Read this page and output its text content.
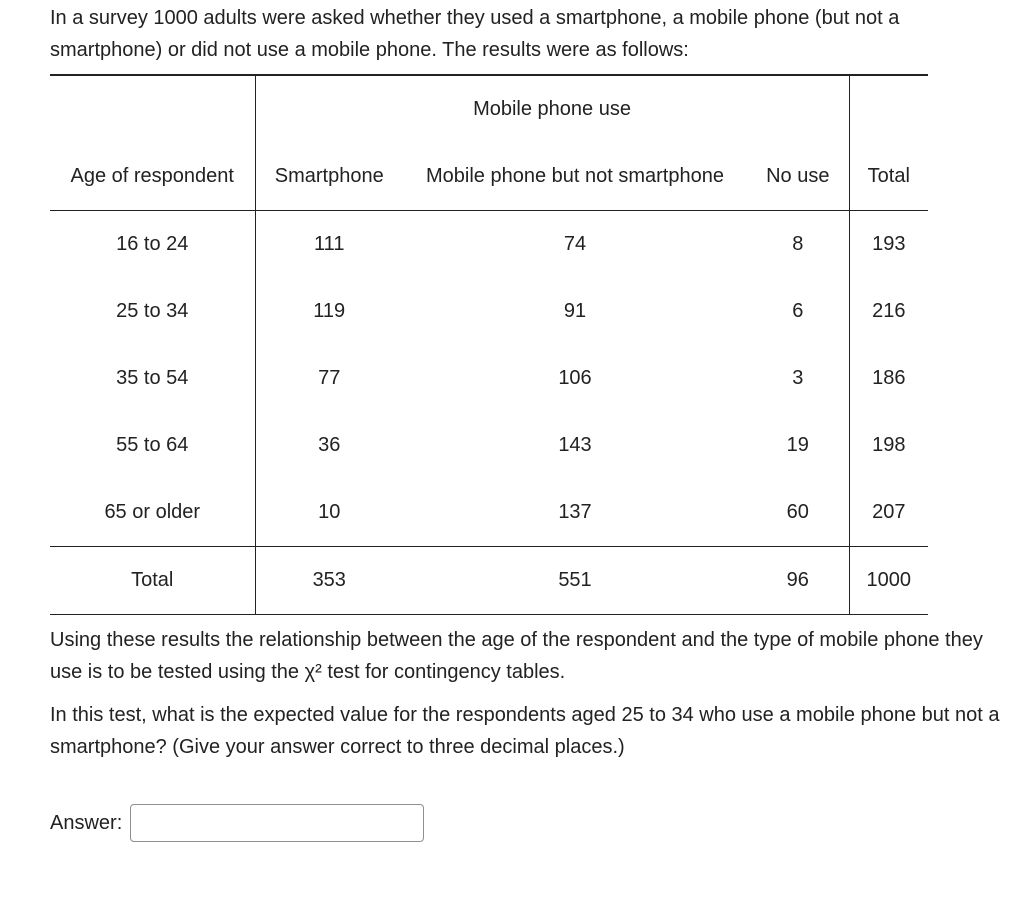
In a survey 1000 adults were asked whether they used a smartphone, a mobile phone (but not a smartphone) or did not use a mobile phone. The results were as follows:

	Mobile phone use			
Age of respondent	Smartphone	Mobile phone but not smartphone	No use	Total
16 to 24	111	74	8	193
25 to 34	119	91	6	216
35 to 54	77	106	3	186
55 to 64	36	143	19	198
65 or older	10	137	60	207
Total	353	551	96	1000

Using these results the relationship between the age of the respondent and the type of mobile phone they use is to be tested using the χ² test for contingency tables.

In this test, what is the expected value for the respondents aged 25 to 34 who use a mobile phone but not a smartphone? (Give your answer correct to three decimal places.)

Answer:
